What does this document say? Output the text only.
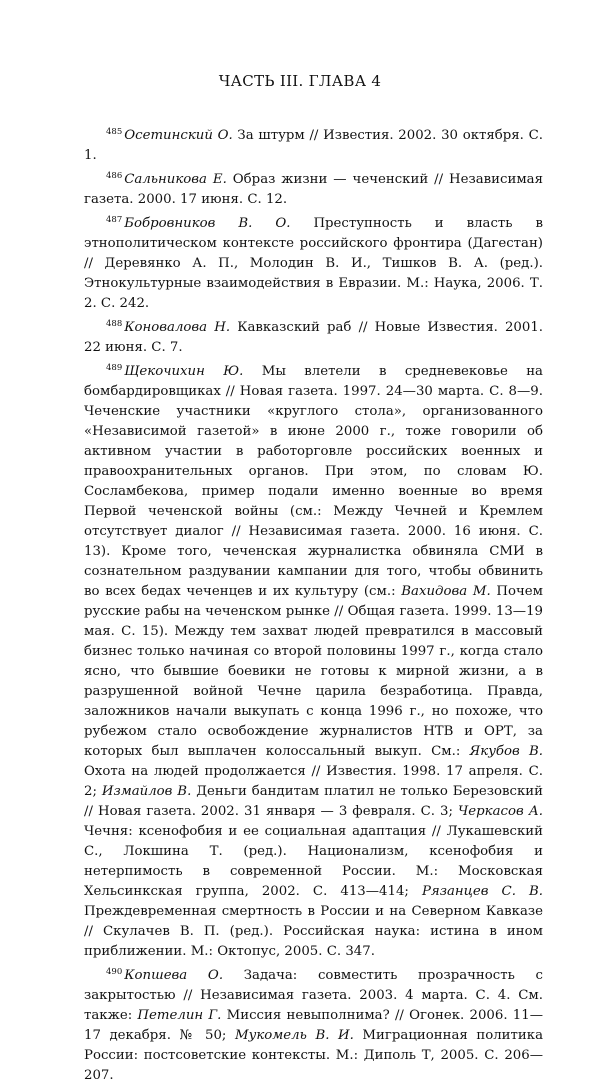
ЧАСТЬ III. ГЛАВА 4

$^{485}$ Осетинский О. За штурм // Известия. 2002. 30 октября. С. 1.

$^{486}$ Сальникова Е. Образ жизни — чеченский // Независимая газета. 2000. 17 июня. С. 12.

$^{487}$ Бобровников В. О. Преступность и власть в этнополитическом контексте российского фронтира (Дагестан) // Деревянко А. П., Молодин В. И., Тишков В. А. (ред.). Этнокультурные взаимодействия в Евразии. М.: Наука, 2006. Т. 2. С. 242.

$^{488}$ Коновалова Н. Кавказский раб // Новые Известия. 2001. 22 июня. С. 7.

$^{489}$ Щекочихин Ю. Мы влетели в средневековье на бомбардировщиках // Новая газета. 1997. 24—30 марта. С. 8—9. Чеченские участники «круглого стола», организованного «Независимой газетой» в июне 2000 г., тоже говорили об активном участии в работорговле российских военных и правоохранительных органов. При этом, по словам Ю. Сосламбекова, пример подали именно военные во время Первой чеченской войны (см.: Между Чечней и Кремлем отсутствует диалог // Независимая газета. 2000. 16 июня. С. 13). Кроме того, чеченская журналистка обвиняла СМИ в сознательном раздувании кампании для того, чтобы обвинить во всех бедах чеченцев и их культуру (см.: Вахидова М. Почем русские рабы на чеченском рынке // Общая газета. 1999. 13—19 мая. С. 15). Между тем захват людей превратился в массовый бизнес только начиная со второй половины 1997 г., когда стало ясно, что бывшие боевики не готовы к мирной жизни, а в разрушенной войной Чечне царила безработица. Правда, заложников начали выкупать с конца 1996 г., но похоже, что рубежом стало освобождение журналистов НТВ и ОРТ, за которых был выплачен колоссальный выкуп. См.: Якубов В. Охота на людей продолжается // Известия. 1998. 17 апреля. С. 2; Измайлов В. Деньги бандитам платил не только Березовский // Новая газета. 2002. 31 января — 3 февраля. С. 3; Черкасов А. Чечня: ксенофобия и ее социальная адаптация // Лукашевский С., Локшина Т. (ред.). Национализм, ксенофобия и нетерпимость в современной России. М.: Московская Хельсинкская группа, 2002. С. 413—414; Рязанцев С. В. Преждевременная смертность в России и на Северном Кавказе // Скулачев В. П. (ред.). Российская наука: истина в ином приближении. М.: Октопус, 2005. С. 347.

$^{490}$ Копшева О. Задача: совместить прозрачность с закрытостью // Независимая газета. 2003. 4 марта. С. 4. См. также: Петелин Г. Миссия невыполнима? // Огонек. 2006. 11—17 декабря. № 50; Мукомель В. И. Миграционная политика России: постсоветские контексты. М.: Диполь Т, 2005. С. 206—207.
